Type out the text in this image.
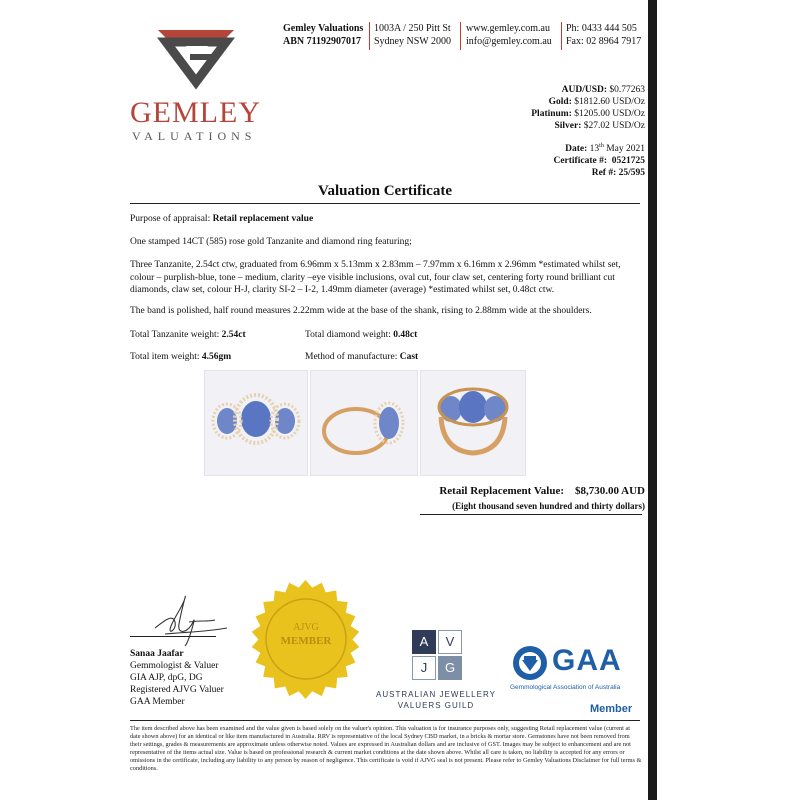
GEMLEY
VALUATIONS
Gemley Valuations
ABN 71192907017
1003A / 250 Pitt St
Sydney NSW 2000
www.gemley.com.au
info@gemley.com.au
Ph: 0433 444 505
Fax: 02 8964 7917
AUD/USD: $0.77263
Gold: $1812.60 USD/Oz
Platinum: $1205.00 USD/Oz
Silver: $27.02 USD/Oz
Date: 13th May 2021
Certificate #: 0521725
Ref #: 25/595
Valuation Certificate
Purpose of appraisal: Retail replacement value
One stamped 14CT (585) rose gold Tanzanite and diamond ring featuring;
Three Tanzanite, 2.54ct ctw, graduated from 6.96mm x 5.13mm x 2.83mm – 7.97mm x 6.16mm x 2.96mm *estimated whilst set, colour – purplish-blue, tone – medium, clarity –eye visible inclusions, oval cut, four claw set, centering forty round brilliant cut diamonds, claw set, colour H-J, clarity SI-2 – I-2, 1.49mm diameter (average) *estimated whilst set, 0.48ct ctw.
The band is polished, half round measures 2.22mm wide at the base of the shank, rising to 2.88mm wide at the shoulders.
Total Tanzanite weight: 2.54ct	Total diamond weight: 0.48ct
Total item weight: 4.56gm	Method of manufacture: Cast
Retail Replacement Value: $8,730.00 AUD
(Eight thousand seven hundred and thirty dollars)
Sanaa Jaafar
Gemmologist & Valuer
GIA AJP, dpG, DG
Registered AJVG Valuer
GAA Member
AJVG
MEMBER	A	V
J	G
AUSTRALIAN JEWELLERY
VALUERS GUILD
GAA
Gemmological Association of Australia
Member
The item described above has been examined and the value given is based solely on the valuer's opinion. This valuation is for insurance purposes only, suggesting Retail replacement value (current at date shown above) for an identical or like item manufactured in Australia. RRV is representative of the local Sydney CBD market, in a bricks & mortar store. Gemstones have not been removed from their settings, grades & measurements are approximate unless otherwise noted. Values are expressed in Australian dollars and are inclusive of GST. Images may be subject to enhancement and are not representative of the items actual size. Value is based on professional research & current market conditions at the date shown above. Whilst all care is taken, no liability is accepted for any errors or omissions in the certificate, including any liability to any person by reason of negligence. This certificate is void if AJVG seal is not present. Please refer to Gemley Valuations Disclaimer for full terms & conditions.
